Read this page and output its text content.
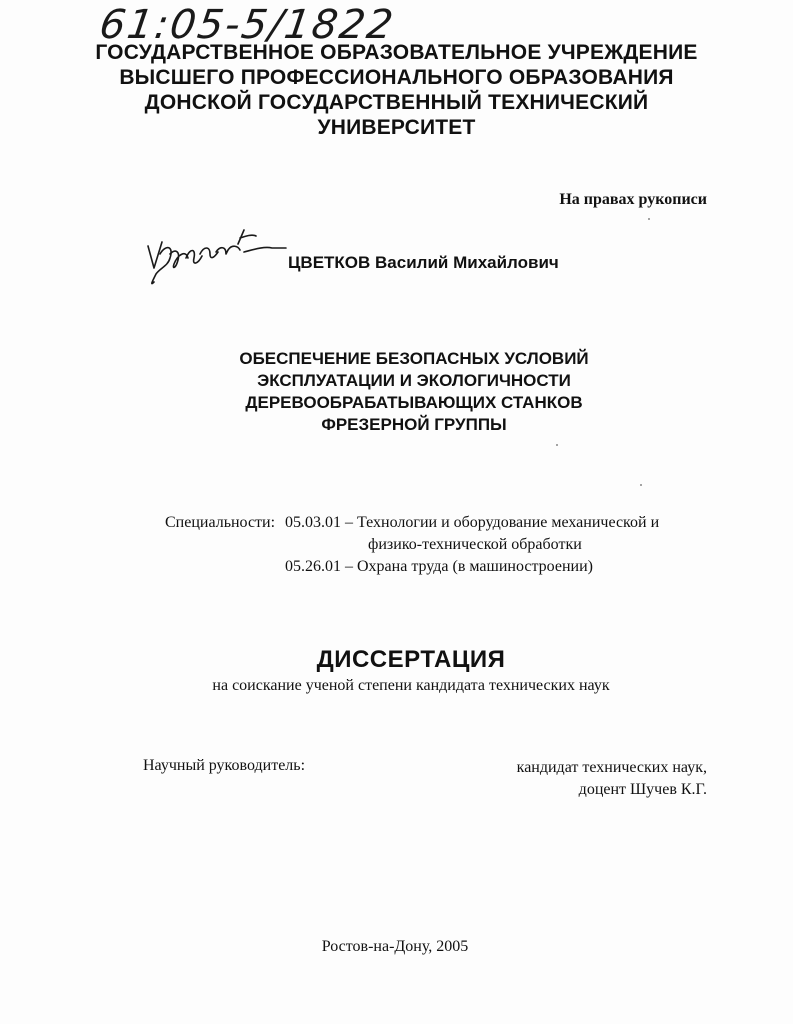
61:05-5/1822
ГОСУДАРСТВЕННОЕ ОБРАЗОВАТЕЛЬНОЕ УЧРЕЖДЕНИЕ
ВЫСШЕГО ПРОФЕССИОНАЛЬНОГО ОБРАЗОВАНИЯ
ДОНСКОЙ ГОСУДАРСТВЕННЫЙ ТЕХНИЧЕСКИЙ
УНИВЕРСИТЕТ
На правах рукописи
ЦВЕТКОВ Василий Михайлович
ОБЕСПЕЧЕНИЕ БЕЗОПАСНЫХ УСЛОВИЙ
ЭКСПЛУАТАЦИИ И ЭКОЛОГИЧНОСТИ
ДЕРЕВООБРАБАТЫВАЮЩИХ СТАНКОВ
ФРЕЗЕРНОЙ ГРУППЫ
Специальности: 05.03.01 – Технологии и оборудование механической и
физико-технической обработки
05.26.01 – Охрана труда (в машиностроении)
ДИССЕРТАЦИЯ
на соискание ученой степени кандидата технических наук
Научный руководитель:	кандидат технических наук,
доцент Шучев К.Г.
Ростов-на-Дону, 2005
